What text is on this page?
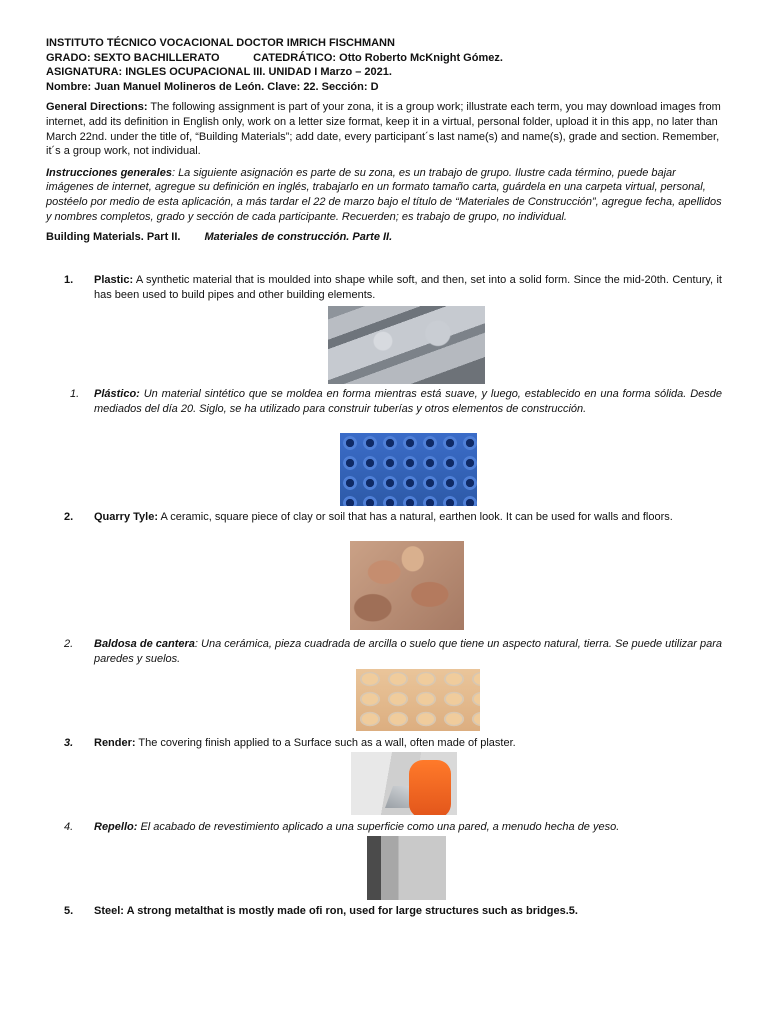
INSTITUTO TÉCNICO VOCACIONAL DOCTOR IMRICH FISCHMANN
GRADO: SEXTO BACHILLERATO           CATEDRÁTICO: Otto Roberto McKnight Gómez.
ASIGNATURA: INGLES OCUPACIONAL III. UNIDAD I Marzo – 2021.
Nombre: Juan Manuel Molineros de León. Clave: 22. Sección: D
General Directions: The following assignment is part of your zona, it is a group work; illustrate each term, you may download images from internet, add its definition in English only, work on a letter size format, keep it in a virtual, personal folder, upload it in this app, no later than March 22nd. under the title of, “Building Materials”; add date, every participant´s last name(s) and name(s), grade and section. Remember, it´s a group work, not individual.
Instrucciones generales: La siguiente asignación es parte de su zona, es un trabajo de grupo. Ilustre cada término, puede bajar imágenes de internet, agregue su definición en inglés, trabajarlo en un formato tamaño carta, guárdela en una carpeta virtual, personal, postéelo por medio de esta aplicación, a más tardar el 22 de marzo bajo el título de “Materiales de Construcción”, agregue fecha, apellidos y nombres completos, grado y sección de cada participante. Recuerden; es trabajo de grupo, no individual.
Building Materials. Part II. Materiales de construcción. Parte II.
1. Plastic: A synthetic material that is moulded into shape while soft, and then, set into a solid form. Since the mid-20th. Century, it has been used to build pipes and other building elements.
1. Plástico: Un material sintético que se moldea en forma mientras está suave, y luego, establecido en una forma sólida. Desde mediados del día 20. Siglo, se ha utilizado para construir tuberías y otros elementos de construcción.
2. Quarry Tyle: A ceramic, square piece of clay or soil that has a natural, earthen look. It can be used for walls and floors.
2. Baldosa de cantera: Una cerámica, pieza cuadrada de arcilla o suelo que tiene un aspecto natural, tierra. Se puede utilizar para paredes y suelos.
3. Render: The covering finish applied to a Surface such as a wall, often made of plaster.
4. Repello: El acabado de revestimiento aplicado a una superficie como una pared, a menudo hecha de yeso.
5. Steel: A strong metalthat is mostly made ofi ron, used for large structures such as bridges.5.
